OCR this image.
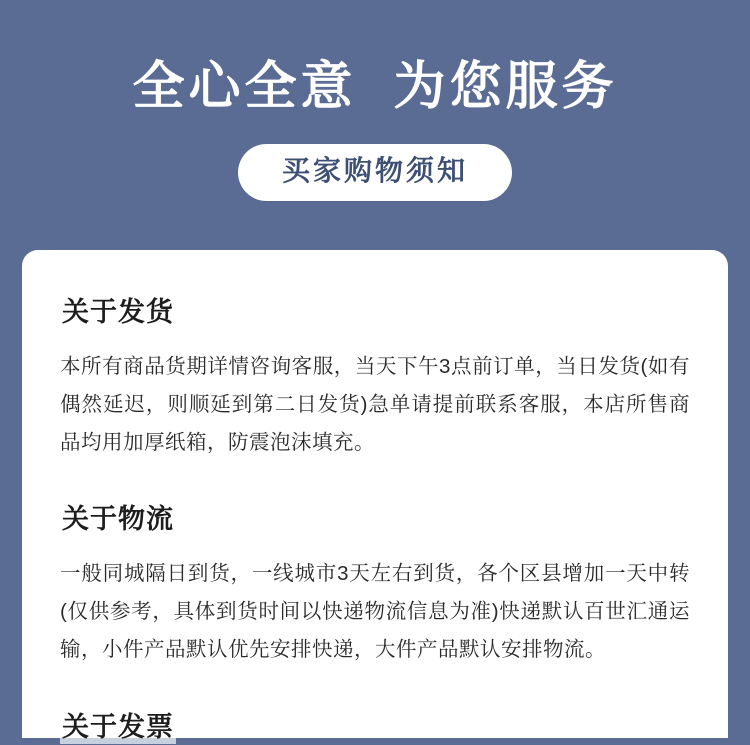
全心全意  为您服务
买家购物须知
关于发货
本所有商品货期详情咨询客服，当天下午3点前订单，当日发货(如有偶然延迟，则顺延到第二日发货)急单请提前联系客服，本店所售商品均用加厚纸箱，防震泡沫填充。
关于物流
一般同城隔日到货，一线城市3天左右到货，各个区县增加一天中转(仅供参考，具体到货时间以快递物流信息为准)快递默认百世汇通运输，小件产品默认优先安排快递，大件产品默认安排物流。
关于发票
